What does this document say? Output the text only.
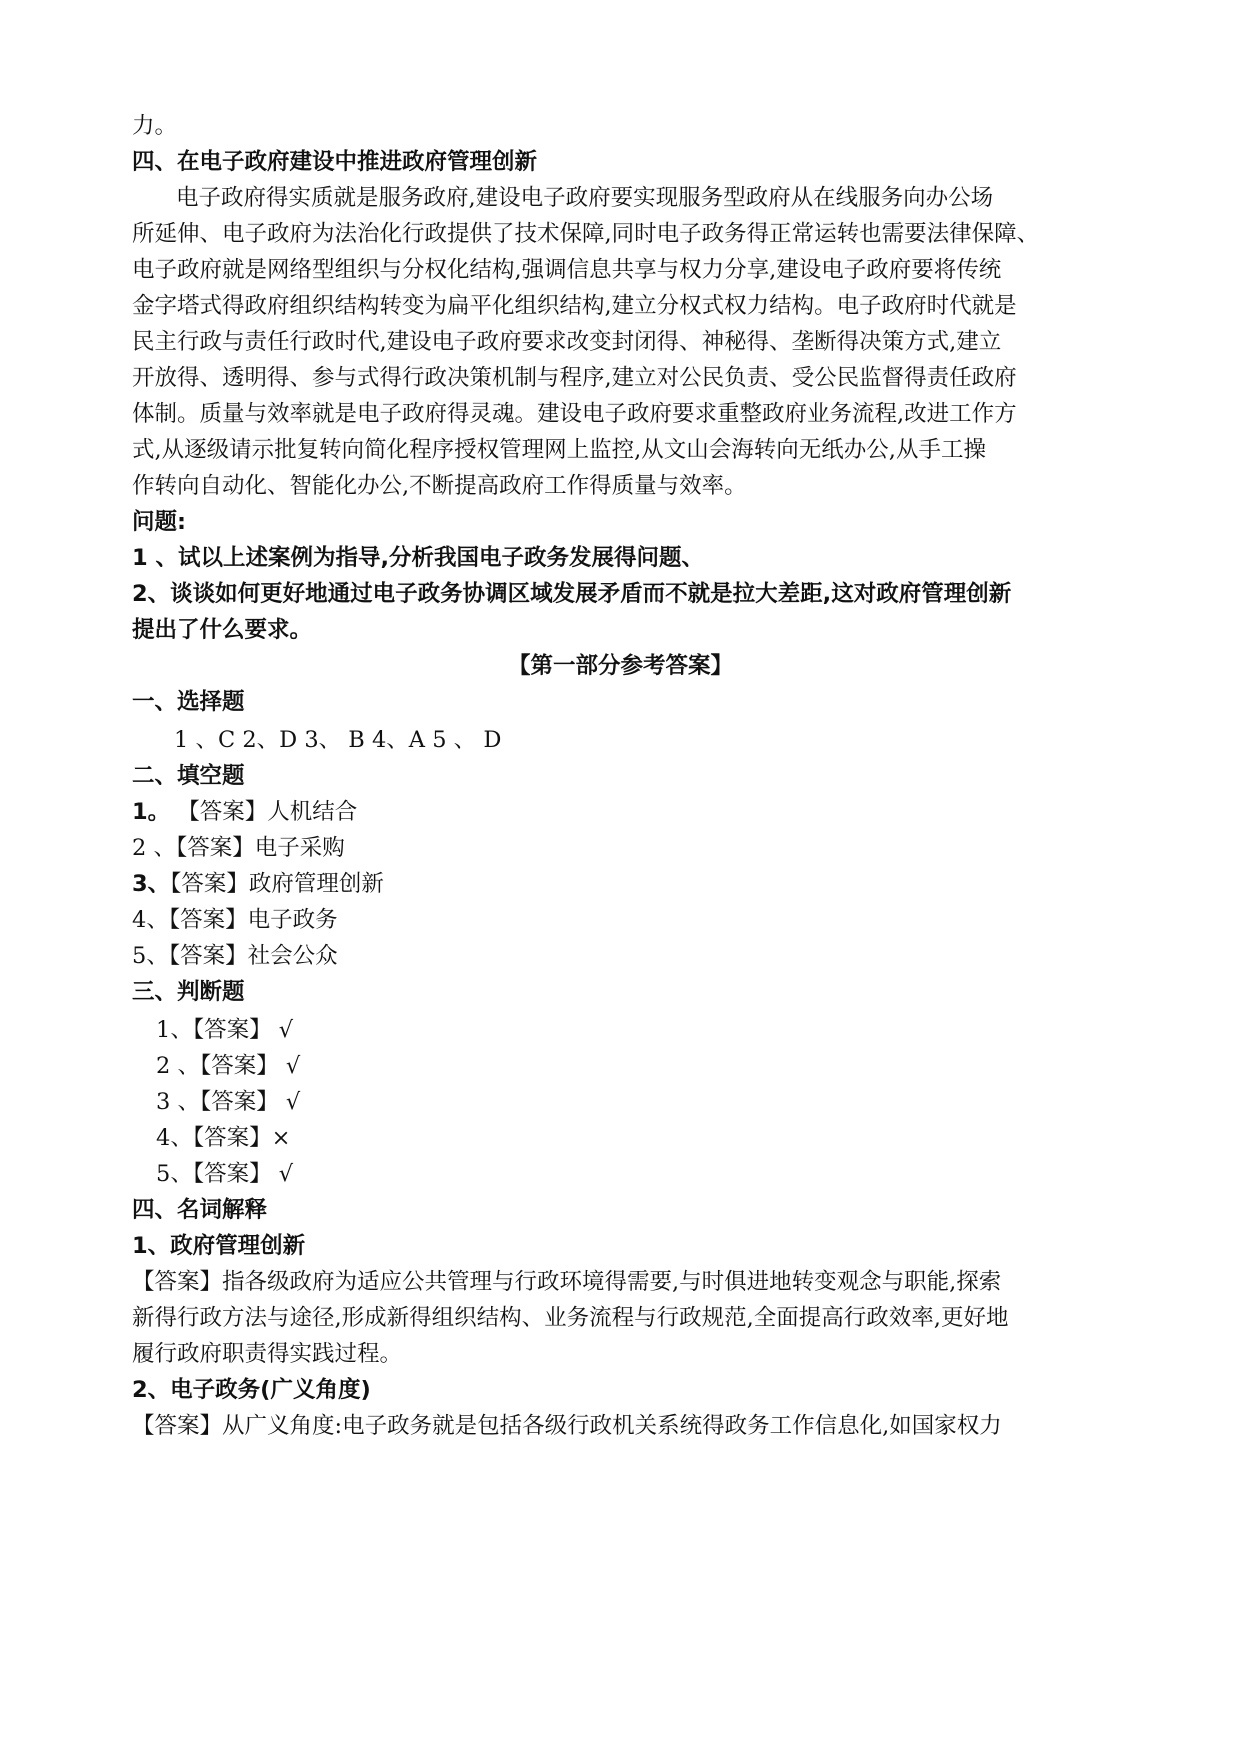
力。

四、在电子政府建设中推进政府管理创新

电子政府得实质就是服务政府,建设电子政府要实现服务型政府从在线服务向办公场

所延伸、电子政府为法治化行政提供了技术保障,同时电子政务得正常运转也需要法律保障、

电子政府就是网络型组织与分权化结构,强调信息共享与权力分享,建设电子政府要将传统

金字塔式得政府组织结构转变为扁平化组织结构,建立分权式权力结构。电子政府时代就是

民主行政与责任行政时代,建设电子政府要求改变封闭得、神秘得、垄断得决策方式,建立

开放得、透明得、参与式得行政决策机制与程序,建立对公民负责、受公民监督得责任政府

体制。质量与效率就是电子政府得灵魂。建设电子政府要求重整政府业务流程,改进工作方

式,从逐级请示批复转向简化程序授权管理网上监控,从文山会海转向无纸办公,从手工操

作转向自动化、智能化办公,不断提高政府工作得质量与效率。

问题:

1 、试以上述案例为指导,分析我国电子政务发展得问题、

2、谈谈如何更好地通过电子政务协调区域发展矛盾而不就是拉大差距,这对政府管理创新

提出了什么要求。

【第一部分参考答案】

一、选择题

1 、C 2、D 3、 B 4、A 5 、 D

二、填空题

1。 【答案】人机结合

2 、【答案】电子采购

3、【答案】政府管理创新

4、【答案】电子政务

5、【答案】社会公众

三、判断题

1、【答案】 √

2 、【答案】 √

3 、【答案】 √

4、【答案】×

5、【答案】 √

四、名词解释

1、政府管理创新

【答案】指各级政府为适应公共管理与行政环境得需要,与时俱进地转变观念与职能,探索

新得行政方法与途径,形成新得组织结构、业务流程与行政规范,全面提高行政效率,更好地

履行政府职责得实践过程。

2、电子政务(广义角度)

【答案】从广义角度:电子政务就是包括各级行政机关系统得政务工作信息化,如国家权力
